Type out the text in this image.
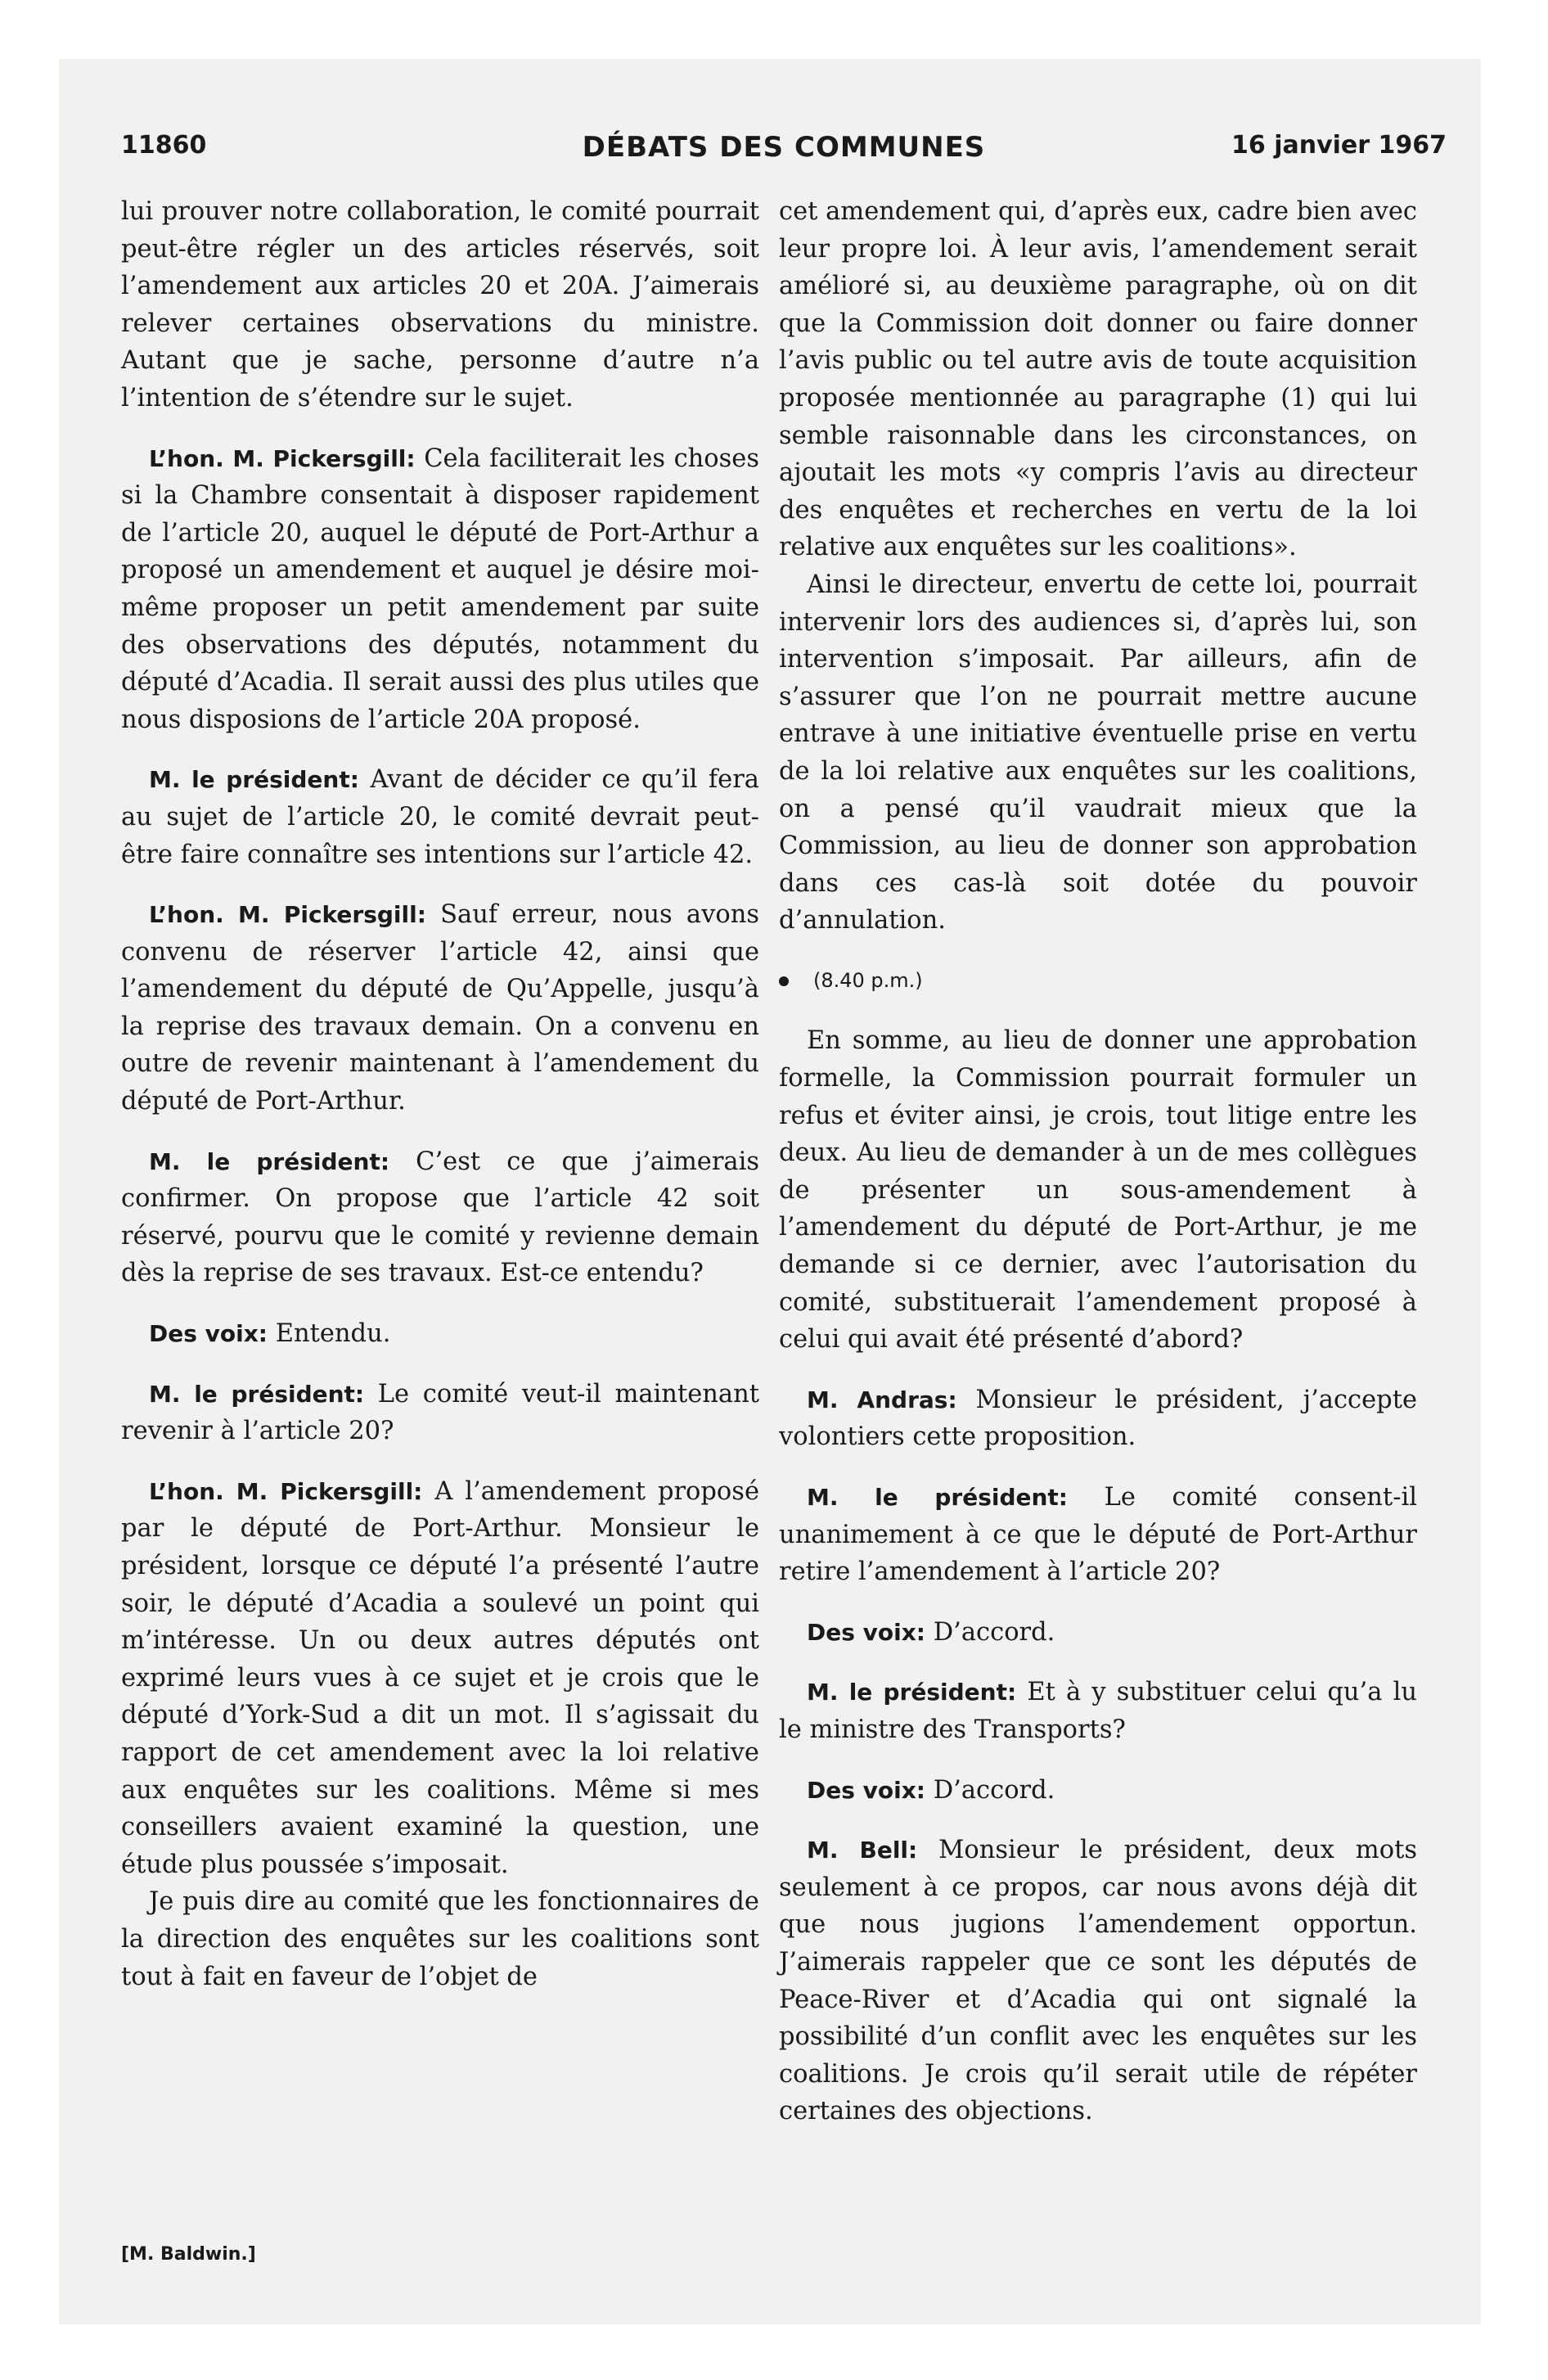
11860	DÉBATS DES COMMUNES	16 janvier 1967

lui prouver notre collaboration, le comité pourrait peut-être régler un des articles réservés, soit l’amendement aux articles 20 et 20A. J’aimerais relever certaines observations du ministre. Autant que je sache, personne d’autre n’a l’intention de s’étendre sur le sujet.

L’hon. M. Pickersgill: Cela faciliterait les choses si la Chambre consentait à disposer rapidement de l’article 20, auquel le député de Port-Arthur a proposé un amendement et auquel je désire moi-même proposer un petit amendement par suite des observations des députés, notamment du député d’Acadia. Il serait aussi des plus utiles que nous disposions de l’article 20A proposé.

M. le président: Avant de décider ce qu’il fera au sujet de l’article 20, le comité devrait peut-être faire connaître ses intentions sur l’article 42.

L’hon. M. Pickersgill: Sauf erreur, nous avons convenu de réserver l’article 42, ainsi que l’amendement du député de Qu’Appelle, jusqu’à la reprise des travaux demain. On a convenu en outre de revenir maintenant à l’amendement du député de Port-Arthur.

M. le président: C’est ce que j’aimerais confirmer. On propose que l’article 42 soit réservé, pourvu que le comité y revienne demain dès la reprise de ses travaux. Est-ce entendu?

Des voix: Entendu.

M. le président: Le comité veut-il maintenant revenir à l’article 20?

L’hon. M. Pickersgill: A l’amendement proposé par le député de Port-Arthur. Monsieur le président, lorsque ce député l’a présenté l’autre soir, le député d’Acadia a soulevé un point qui m’intéresse. Un ou deux autres députés ont exprimé leurs vues à ce sujet et je crois que le député d’York-Sud a dit un mot. Il s’agissait du rapport de cet amendement avec la loi relative aux enquêtes sur les coalitions. Même si mes conseillers avaient examiné la question, une étude plus poussée s’imposait.

Je puis dire au comité que les fonctionnaires de la direction des enquêtes sur les coalitions sont tout à fait en faveur de l’objet de

cet amendement qui, d’après eux, cadre bien avec leur propre loi. À leur avis, l’amendement serait amélioré si, au deuxième paragraphe, où on dit que la Commission doit donner ou faire donner l’avis public ou tel autre avis de toute acquisition proposée mentionnée au paragraphe (1) qui lui semble raisonnable dans les circonstances, on ajoutait les mots «y compris l’avis au directeur des enquêtes et recherches en vertu de la loi relative aux enquêtes sur les coalitions».

Ainsi le directeur, envertu de cette loi, pourrait intervenir lors des audiences si, d’après lui, son intervention s’imposait. Par ailleurs, afin de s’assurer que l’on ne pourrait mettre aucune entrave à une initiative éventuelle prise en vertu de la loi relative aux enquêtes sur les coalitions, on a pensé qu’il vaudrait mieux que la Commission, au lieu de donner son approbation dans ces cas-là soit dotée du pouvoir d’annulation.

(8.40 p.m.)

En somme, au lieu de donner une approbation formelle, la Commission pourrait formuler un refus et éviter ainsi, je crois, tout litige entre les deux. Au lieu de demander à un de mes collègues de présenter un sous-amendement à l’amendement du député de Port-Arthur, je me demande si ce dernier, avec l’autorisation du comité, substituerait l’amendement proposé à celui qui avait été présenté d’abord?

M. Andras: Monsieur le président, j’accepte volontiers cette proposition.

M. le président: Le comité consent-il unanimement à ce que le député de Port-Arthur retire l’amendement à l’article 20?

Des voix: D’accord.

M. le président: Et à y substituer celui qu’a lu le ministre des Transports?

Des voix: D’accord.

M. Bell: Monsieur le président, deux mots seulement à ce propos, car nous avons déjà dit que nous jugions l’amendement opportun. J’aimerais rappeler que ce sont les députés de Peace-River et d’Acadia qui ont signalé la possibilité d’un conflit avec les enquêtes sur les coalitions. Je crois qu’il serait utile de répéter certaines des objections.

[M. Baldwin.]
